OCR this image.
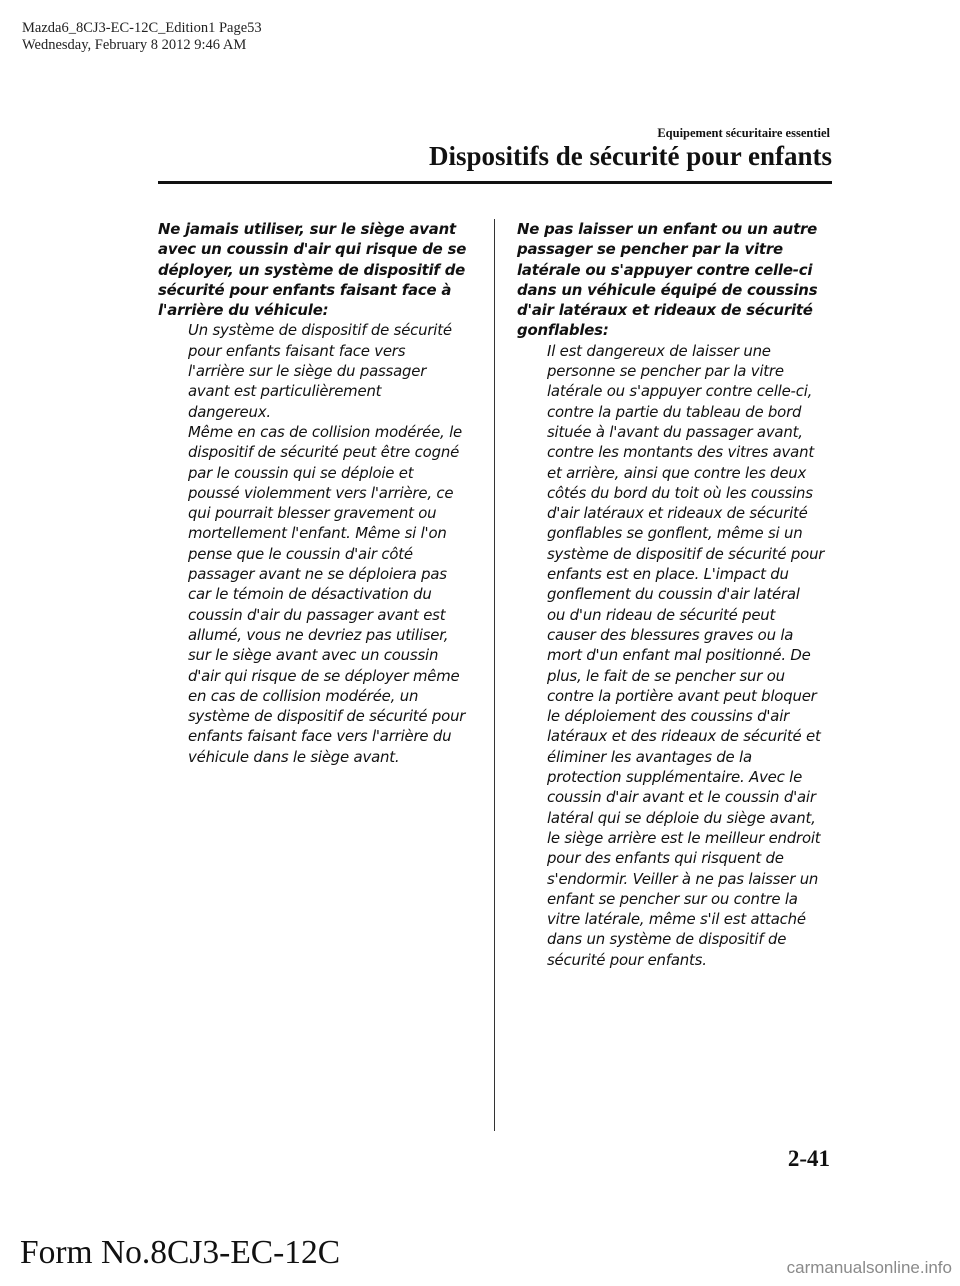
Mazda6_8CJ3-EC-12C_Edition1 Page53
Wednesday, February 8 2012 9:46 AM
Equipement sécuritaire essentiel
Dispositifs de sécurité pour enfants

Ne jamais utiliser, sur le siège avant
avec un coussin d'air qui risque de se
déployer, un système de dispositif de
sécurité pour enfants faisant face à
l'arrière du véhicule:

Un système de dispositif de sécurité
pour enfants faisant face vers
l'arrière sur le siège du passager
avant est particulièrement
dangereux.

Même en cas de collision modérée, le
dispositif de sécurité peut être cogné
par le coussin qui se déploie et
poussé violemment vers l'arrière, ce
qui pourrait blesser gravement ou
mortellement l'enfant. Même si l'on
pense que le coussin d'air côté
passager avant ne se déploiera pas
car le témoin de désactivation du
coussin d'air du passager avant est
allumé, vous ne devriez pas utiliser,
sur le siège avant avec un coussin
d'air qui risque de se déployer même
en cas de collision modérée, un
système de dispositif de sécurité pour
enfants faisant face vers l'arrière du
véhicule dans le siège avant.

Ne pas laisser un enfant ou un autre
passager se pencher par la vitre
latérale ou s'appuyer contre celle-ci
dans un véhicule équipé de coussins
d'air latéraux et rideaux de sécurité
gonflables:

Il est dangereux de laisser une
personne se pencher par la vitre
latérale ou s'appuyer contre celle-ci,
contre la partie du tableau de bord
située à l'avant du passager avant,
contre les montants des vitres avant
et arrière, ainsi que contre les deux
côtés du bord du toit où les coussins
d'air latéraux et rideaux de sécurité
gonflables se gonflent, même si un
système de dispositif de sécurité pour
enfants est en place. L'impact du
gonflement du coussin d'air latéral
ou d'un rideau de sécurité peut
causer des blessures graves ou la
mort d'un enfant mal positionné. De
plus, le fait de se pencher sur ou
contre la portière avant peut bloquer
le déploiement des coussins d'air
latéraux et des rideaux de sécurité et
éliminer les avantages de la
protection supplémentaire. Avec le
coussin d'air avant et le coussin d'air
latéral qui se déploie du siège avant,
le siège arrière est le meilleur endroit
pour des enfants qui risquent de
s'endormir. Veiller à ne pas laisser un
enfant se pencher sur ou contre la
vitre latérale, même s'il est attaché
dans un système de dispositif de
sécurité pour enfants.

2-41
Form No.8CJ3-EC-12C	carmanualsonline.info
